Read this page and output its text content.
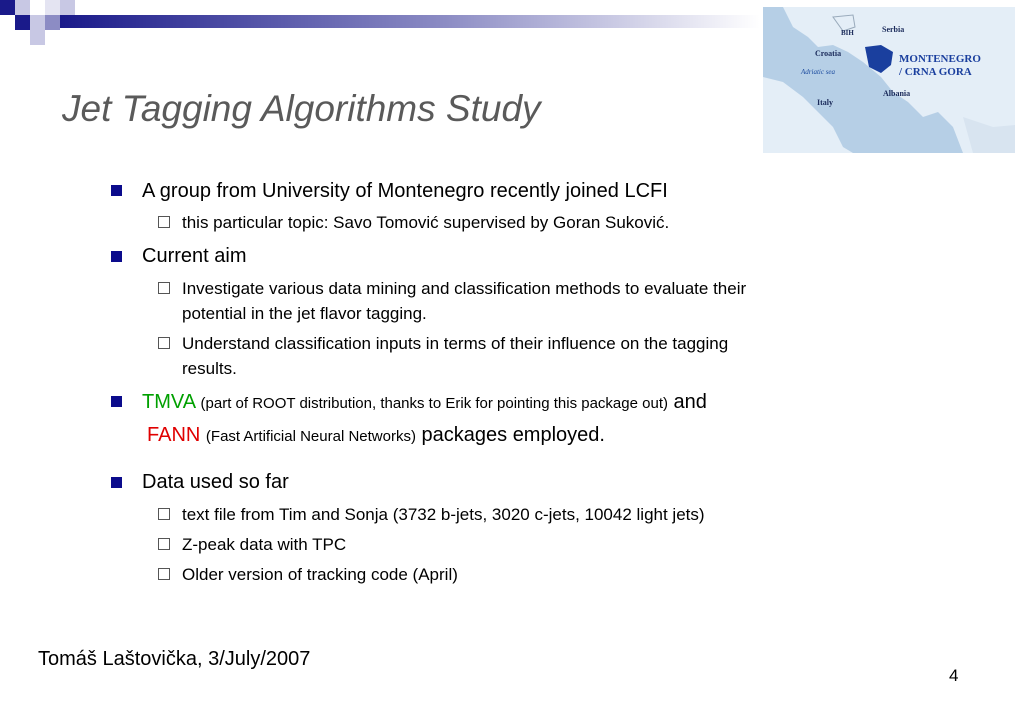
Jet Tagging Algorithms Study
BIH	Serbia
Croatia
Adriatic sea
MONTENEGRO
/ CRNA GORA
Albania
Italy
A group from University of Montenegro recently joined LCFI
this particular topic: Savo Tomović supervised by Goran Suković.
Current aim
Investigate various data mining and classification methods to evaluate their
potential in the jet flavor tagging.
Understand classification inputs in terms of their influence on the tagging
results.
TMVA (part of ROOT distribution, thanks to Erik for pointing this package out) and
FANN (Fast Artificial Neural Networks) packages employed.
Data used so far
text file from Tim and Sonja (3732 b-jets, 3020 c-jets, 10042 light jets)
Z-peak data with TPC
Older version of tracking code (April)
Tomáš Laštovička, 3/July/2007
4
